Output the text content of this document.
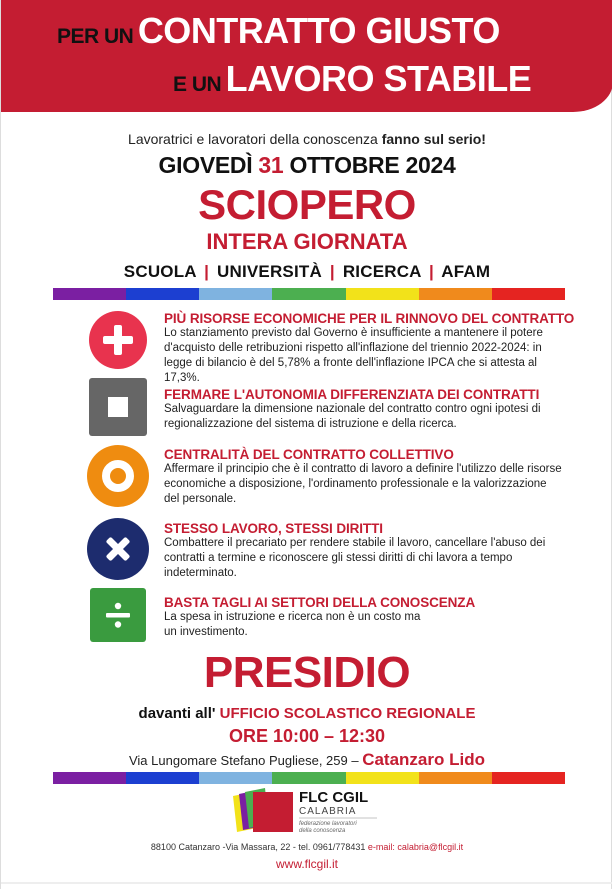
PER UN CONTRATTO GIUSTO
E UN LAVORO STABILE
Lavoratrici e lavoratori della conoscenza fanno sul serio!
GIOVEDÌ 31 OTTOBRE 2024
SCIOPERO
INTERA GIORNATA
SCUOLA | UNIVERSITÀ | RICERCA | AFAM
PIÙ RISORSE ECONOMICHE PER IL RINNOVO DEL CONTRATTO
Lo stanziamento previsto dal Governo è insufficiente a mantenere il potere d'acquisto delle retribuzioni rispetto all'inflazione del triennio 2022-2024: in legge di bilancio è del 5,78% a fronte dell'inflazione IPCA che si attesta al 17,3%.
FERMARE L'AUTONOMIA DIFFERENZIATA DEI CONTRATTI
Salvaguardare la dimensione nazionale del contratto contro ogni ipotesi di regionalizzazione del sistema di istruzione e della ricerca.
CENTRALITÀ DEL CONTRATTO COLLETTIVO
Affermare il principio che è il contratto di lavoro a definire l'utilizzo delle risorse economiche a disposizione, l'ordinamento professionale e la valorizzazione del personale.
STESSO LAVORO, STESSI DIRITTI
Combattere il precariato per rendere stabile il lavoro, cancellare l'abuso dei contratti a termine e riconoscere gli stessi diritti di chi lavora a tempo indeterminato.
BASTA TAGLI AI SETTORI DELLA CONOSCENZA
La spesa in istruzione e ricerca non è un costo ma un investimento.
PRESIDIO
davanti all' UFFICIO SCOLASTICO REGIONALE
ORE 10:00 – 12:30
Via Lungomare Stefano Pugliese, 259 – Catanzaro Lido
FLC CGIL
CALABRIA
federazione lavoratori
della conoscenza
88100 Catanzaro -Via Massara, 22 - tel. 0961/778431 e-mail: calabria@flcgil.it
www.flcgil.it
